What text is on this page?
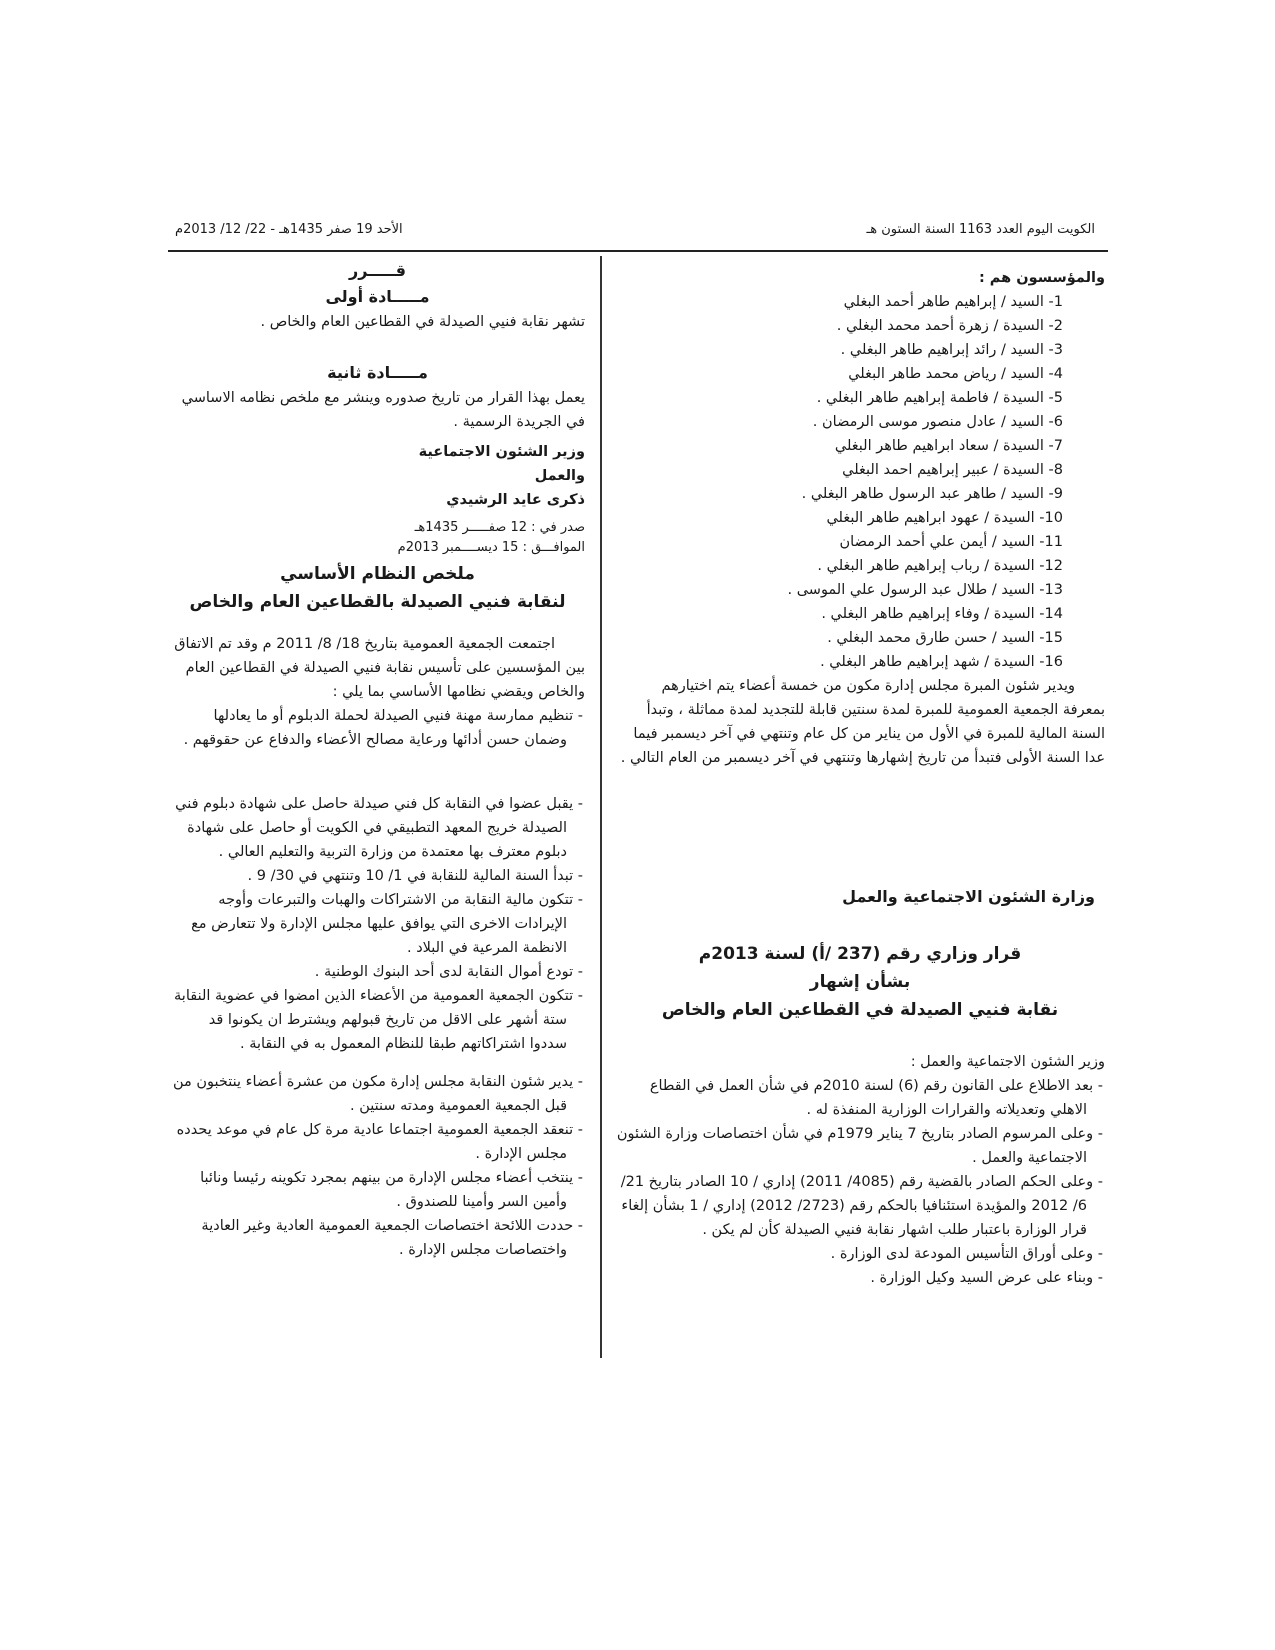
الكويت اليوم العدد 1163 السنة الستون هـ
الأحد 19 صفر 1435هـ - 22/ 12/ 2013م

والمؤسسون هم :

1- السيد / إبراهيم طاهر أحمد البغلي

2- السيدة / زهرة أحمد محمد البغلي .

3- السيد / رائد إبراهيم طاهر البغلي .

4- السيد / رياض محمد طاهر البغلي

5- السيدة / فاطمة إبراهيم طاهر البغلي .

6- السيد / عادل منصور موسى الرمضان .

7- السيدة / سعاد ابراهيم طاهر البغلي

8- السيدة / عبير إبراهيم احمد البغلي

9- السيد / طاهر عبد الرسول طاهر البغلي .

10- السيدة / عهود ابراهيم طاهر البغلي

11- السيد / أيمن علي أحمد الرمضان

12- السيدة / رباب إبراهيم طاهر البغلي .

13- السيد / طلال عبد الرسول علي الموسى .

14- السيدة / وفاء إبراهيم طاهر البغلي .

15- السيد / حسن طارق محمد البغلي .

16- السيدة / شهد إبراهيم طاهر البغلي .

ويدير شئون المبرة مجلس إدارة مكون من خمسة أعضاء يتم اختيارهم بمعرفة الجمعية العمومية للمبرة لمدة سنتين قابلة للتجديد لمدة مماثلة ، وتبدأ السنة المالية للمبرة في الأول من يناير من كل عام وتنتهي في آخر ديسمبر فيما عدا السنة الأولى فتبدأ من تاريخ إشهارها وتنتهي في آخر ديسمبر من العام التالي .

وزارة الشئون الاجتماعية والعمل

قرار وزاري رقم (237 /أ) لسنة 2013م

بشأن إشهار

نقابة فنيي الصيدلة في القطاعين العام والخاص

وزير الشئون الاجتماعية والعمل :

- بعد الاطلاع على القانون رقم (6) لسنة 2010م في شأن العمل في القطاع الاهلي وتعديلاته والقرارات الوزارية المنفذة له .

- وعلى المرسوم الصادر بتاريخ 7 يناير 1979م في شأن اختصاصات وزارة الشئون الاجتماعية والعمل .

- وعلى الحكم الصادر بالقضية رقم (4085/ 2011) إداري / 10 الصادر بتاريخ 21/ 6/ 2012 والمؤيدة استئنافيا بالحكم رقم (2723/ 2012) إداري / 1 بشأن إلغاء قرار الوزارة باعتبار طلب اشهار نقابة فنيي الصيدلة كأن لم يكن .

- وعلى أوراق التأسيس المودعة لدى الوزارة .

- وبناء على عرض السيد وكيل الوزارة .

قـــــرر

مـــــادة أولى

تشهر نقابة فنيي الصيدلة في القطاعين العام والخاص .

مـــــادة ثانية

يعمل بهذا القرار من تاريخ صدوره وينشر مع ملخص نظامه الاساسي في الجريدة الرسمية .

وزير الشئون الاجتماعية والعمل

ذكرى عايد الرشيدي

صدر في : 12 صفـــــر 1435هـ

الموافـــق : 15 ديســــمبر 2013م

ملخص النظام الأساسي

لنقابة فنيي الصيدلة بالقطاعين العام والخاص

اجتمعت الجمعية العمومية بتاريخ 18/ 8/ 2011 م وقد تم الاتفاق بين المؤسسين على تأسيس نقابة فنيي الصيدلة في القطاعين العام والخاص ويقضي نظامها الأساسي بما يلي :

- تنظيم ممارسة مهنة فنيي الصيدلة لحملة الدبلوم أو ما يعادلها وضمان حسن أدائها ورعاية مصالح الأعضاء والدفاع عن حقوقهم .

- يقبل عضوا في النقابة كل فني صيدلة حاصل على شهادة دبلوم فني الصيدلة خريج المعهد التطبيقي في الكويت أو حاصل على شهادة دبلوم معترف بها معتمدة من وزارة التربية والتعليم العالي .

- تبدأ السنة المالية للنقابة في 1/ 10 وتنتهي في 30/ 9 .

- تتكون مالية النقابة من الاشتراكات والهبات والتبرعات وأوجه الإيرادات الاخرى التي يوافق عليها مجلس الإدارة ولا تتعارض مع الانظمة المرعية في البلاد .

- تودع أموال النقابة لدى أحد البنوك الوطنية .

- تتكون الجمعية العمومية من الأعضاء الذين امضوا في عضوية النقابة ستة أشهر على الاقل من تاريخ قبولهم ويشترط ان يكونوا قد سددوا اشتراكاتهم طبقا للنظام المعمول به في النقابة .

- يدير شئون النقابة مجلس إدارة مكون من عشرة أعضاء ينتخبون من قبل الجمعية العمومية ومدته سنتين .

- تنعقد الجمعية العمومية اجتماعا عادية مرة كل عام في موعد يحدده مجلس الإدارة .

- ينتخب أعضاء مجلس الإدارة من بينهم بمجرد تكوينه رئيسا ونائبا وأمين السر وأمينا للصندوق .

- حددت اللائحة اختصاصات الجمعية العمومية العادية وغير العادية واختصاصات مجلس الإدارة .
